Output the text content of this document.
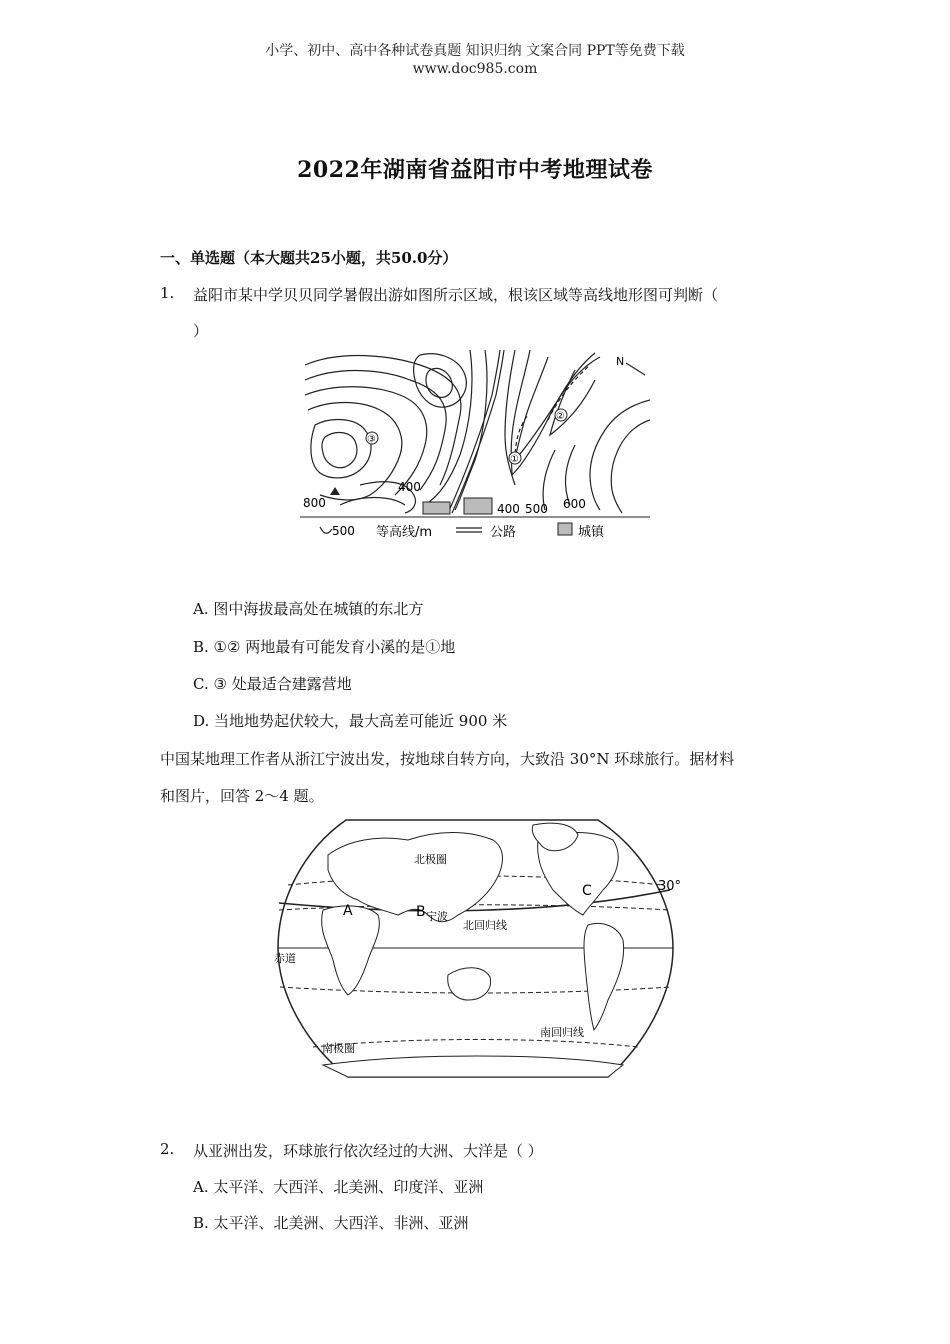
小学、初中、高中各种试卷真题 知识归纳 文案合同 PPT等免费下载
www.doc985.com
2022年湖南省益阳市中考地理试卷
一、单选题（本大题共25小题，共50.0分）
1. 益阳市某中学贝贝同学暑假出游如图所示区域，根该区域等高线地形图可判断（
）
N
①
②
③
800
400
400 500 600
500 等高线/m	公路	城镇
A. 图中海拔最高处在城镇的东北方
B. ①② 两地最有可能发育小溪的是①地
C. ③ 处最适合建露营地
D. 当地地势起伏较大，最大高差可能近 900 米
中国某地理工作者从浙江宁波出发，按地球自转方向，大致沿 30°N 环球旅行。据材料
和图片，回答 2～4 题。
北极圈
30°
A	B 宁波
C
北回归线
赤道
南回归线
南极圈
2. 从亚洲出发，环球旅行依次经过的大洲、大洋是（ ）
A. 太平洋、大西洋、北美洲、印度洋、亚洲
B. 太平洋、北美洲、大西洋、非洲、亚洲
